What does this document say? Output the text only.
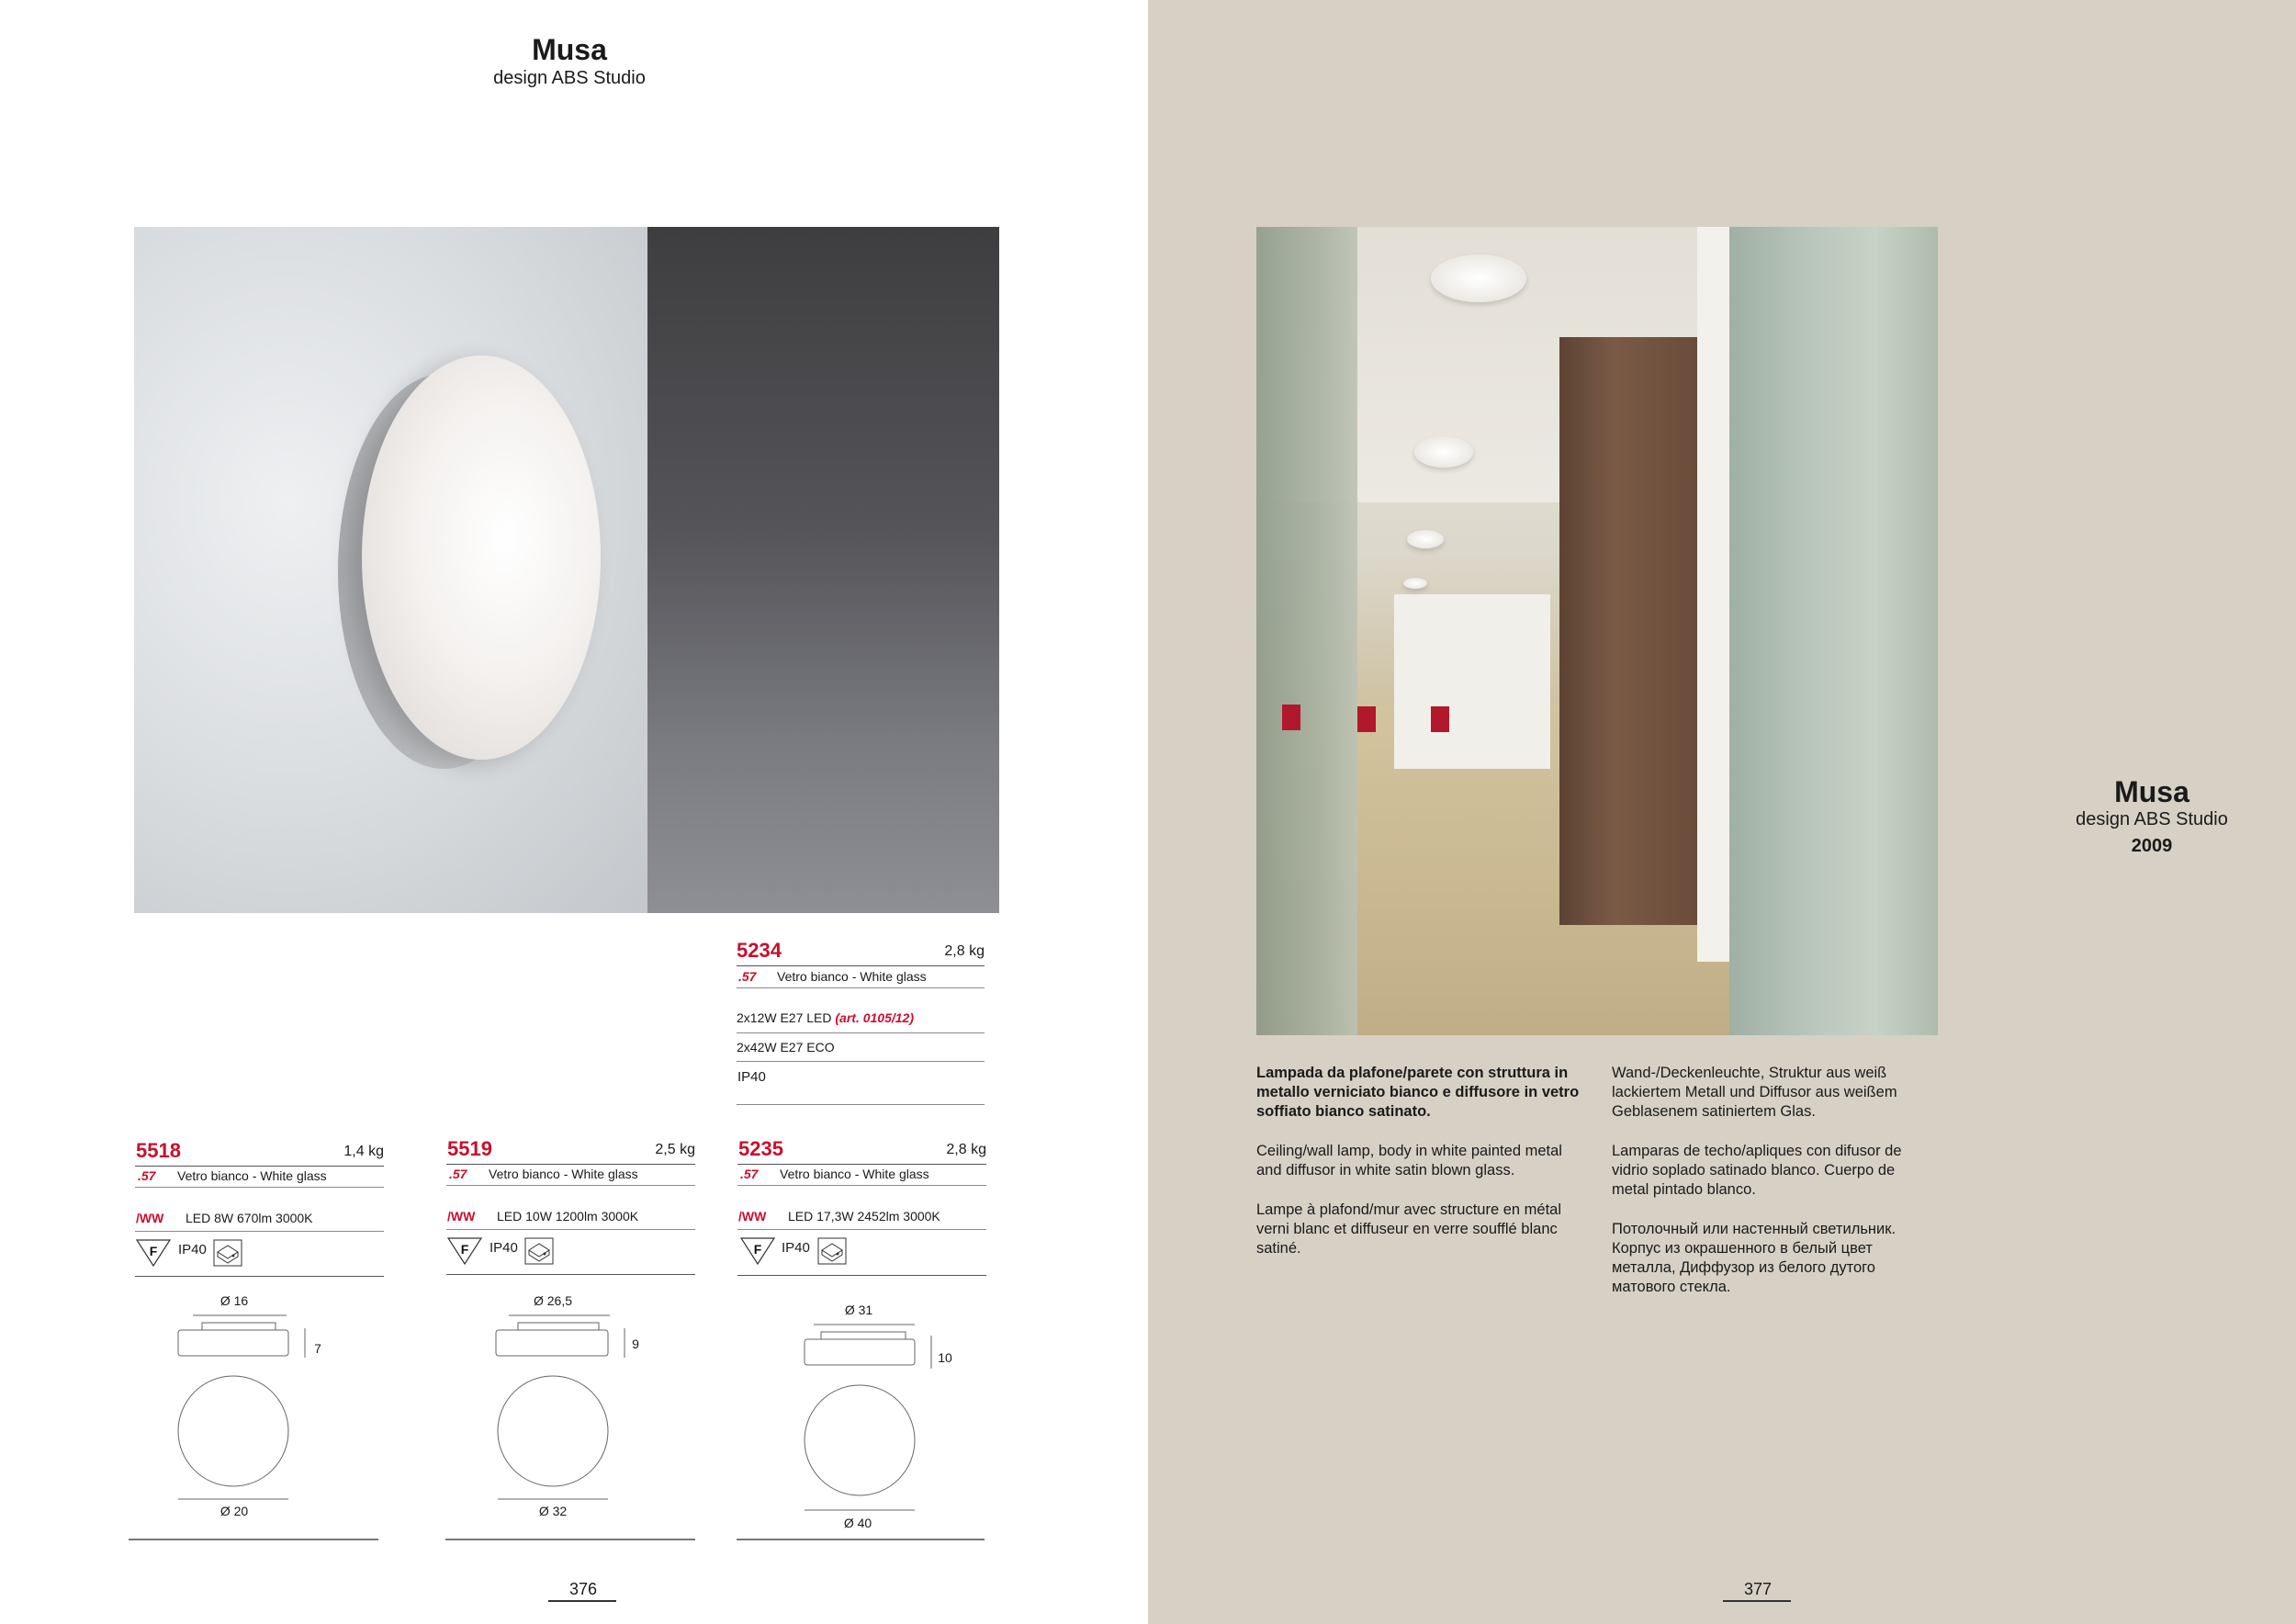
Musa
design ABS Studio
5234	2,8 kg
.57 Vetro bianco - White glass
2x12W E27 LED (art. 0105/12)
2x42W E27 ECO
IP40
5518	1,4 kg
.57 Vetro bianco - White glass
/WW LED 8W 670lm 3000K
F IP40
Ø 16
7
Ø 20
5519	2,5 kg
.57 Vetro bianco - White glass
/WW LED 10W 1200lm 3000K
F IP40
Ø 26,5
9
Ø 32
5235	2,8 kg
.57 Vetro bianco - White glass
/WW LED 17,3W 2452lm 3000K
F IP40
Ø 31
10
Ø 40
376
Musa
design ABS Studio
2009
Lampada da plafone/parete con struttura in metallo verniciato bianco e diffusore in vetro soffiato bianco satinato.
Ceiling/wall lamp, body in white painted metal and diffusor in white satin blown glass.
Lampe à plafond/mur avec structure en métal verni blanc et diffuseur en verre soufflé blanc satiné.
Wand-/Deckenleuchte, Struktur aus weiß lackiertem Metall und Diffusor aus weißem Geblasenem satiniertem Glas.
Lamparas de techo/apliques con difusor de vidrio soplado satinado blanco. Cuerpo de metal pintado blanco.
Потолочный или настенный светильник. Корпус из окрашенного в белый цвет металла, Диффузор из белого дутого матового стекла.
377
